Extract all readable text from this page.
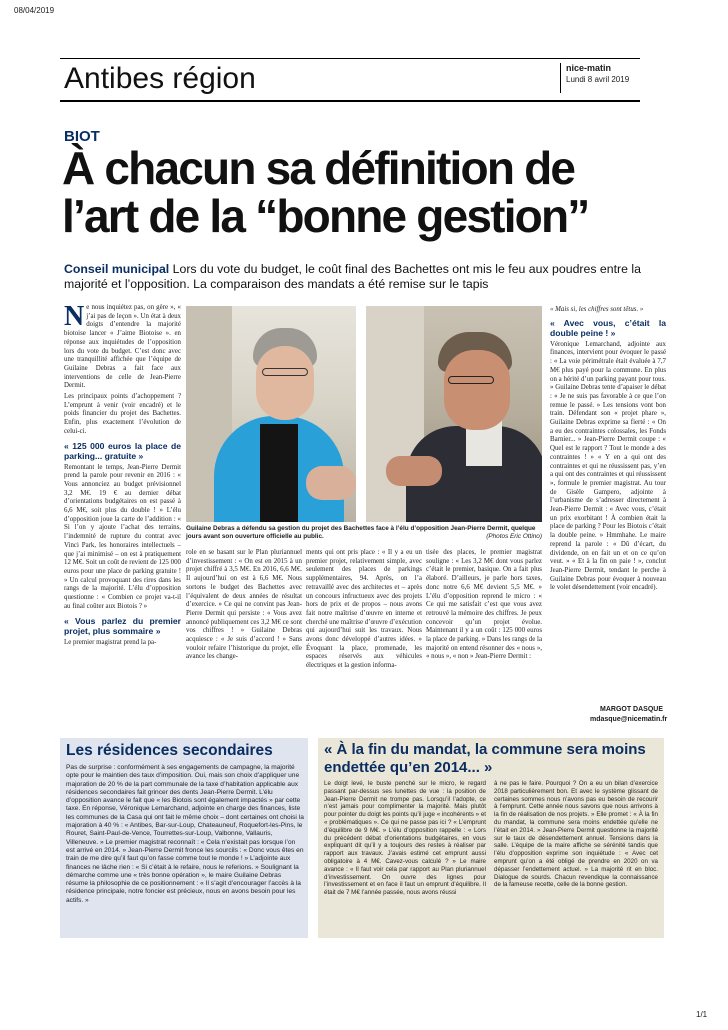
08/04/2019
Antibes région	nice-matin
Lundi 8 avril 2019
BIOT
À chacun sa définition de
l’art de la “bonne gestion”
Conseil municipal Lors du vote du budget, le coût final des Bachettes ont mis le feu aux poudres entre la majorité et l’opposition. La comparaison des mandats a été remise sur le tapis

Ne nous inquiétez pas, on gère », « j’ai pas de leçon ». Un état à deux doigts d’entendre la majorité biotoise lancer « J’aime Biotoise ». en réponse aux inquiétudes de l’opposition lors du vote du budget. C’est donc avec une tranquillité affichée que l’équipe de Guilaine Debras a fait face aux interventions de celle de Jean-Pierre Dermit.

Les principaux points d’achoppement ? L’emprunt à venir (voir encadré) et le poids financier du projet des Bachettes. Enfin, plus exactement l’évolution de celui-ci.

« 125 000 euros la place de parking... gratuite »

Remontant le temps, Jean-Pierre Dermit prend la parole pour revenir en 2016 : « Vous annonciez au budget prévisionnel 3,2 M€. 19 € au dernier débat d’orientations budgétaires on est passé à 6,6 M€, soit plus du double ! » L’élu d’opposition joue la carte de l’addition : « Si l’on y ajoute l’achat des terrains, l’indemnité de rupture du contrat avec Vinci Park, les honoraires intellectuels – que j’ai minimisé – on est à pratiquement 12 M€. Soit un coût de revient de 125 000 euros pour une place de parking gratuite ! » Un calcul provoquant des rires dans les rangs de la majorité. L’élu d’opposition questionne : « Combien ce projet va-t-il au final coûter aux Biotois ? »

« Vous parlez du premier projet, plus sommaire »

Le premier magistrat prend la pa-

Guilaine Debras a défendu sa gestion du projet des Bachettes face à l’élu d’opposition Jean-Pierre Dermit, quelque jours avant son ouverture officielle au public.	(Photos Eric Ottino)
role en se basant sur le Plan pluriannuel d’investissement : « On est en 2015 à un projet chiffré à 3,5 M€. En 2016, 6,6 M€. Il aujourd’hui on est à 6,6 M€. Nous sortons le budget des Bachettes avec l’équivalent de deux années de résultat d’exercice. » Ce qui ne convint pas Jean-Pierre Dermit qui persiste : « Vous avez annoncé publiquement ces 3,2 M€ ce sont vos chiffres ! » Guilaine Debras acquiesce : « Je suis d’accord ! » Sans vouloir refaire l’historique du projet, elle avance les change-
ments qui ont pris place : « Il y a eu un premier projet, relativement simple, avec seulement des places de parkings supplémentaires, 94. Après, on l’a retravaillé avec des architectes et – après un concours infructueux avec des projets hors de prix et de propos – nous avons fait notre maîtrise d’œuvre en interne et cherché une maîtrise d’œuvre d’exécution qui aujourd’hui suit les travaux. Nous avons donc développé d’autres idées. » Évoquant la place, promenade, les espaces réservés aux véhicules électriques et la gestion informa-
tisée des places, le premier magistrat souligne : « Les 3,2 M€ dont vous parlez c’était le premier, basique. On a fait plus élaboré. D’ailleurs, je parle hors taxes, donc notre 6,6 M€ devient 5,5 M€. » L’élu d’opposition reprend le micro : « Ce qui me satisfait c’est que vous avez retrouvé la mémoire des chiffres. Je peux concevoir qu’un projet évolue. Maintenant il y a un coût : 125 000 euros la place de parking. » Dans les rangs de la majorité on entend résonner des « nous », « nous », « non » Jean-Pierre Dermit :

« Mais si, les chiffres sont têtus. »

« Avec vous, c’était la double peine ! »

Véronique Lemarchand, adjointe aux finances, intervient pour évoquer le passé : « La voie périmétrale était évaluée à 7,7 M€ plus payé pour la commune. En plus on a hérité d’un parking payant pour tous. » Guilaine Debras tente d’apaiser le débat : « Je ne suis pas favorable à ce que l’on remue le passé. » Les tensions vont bon train. Défendant son « projet phare », Guilaine Debras exprime sa fierté : « On a eu des contraintes colossales, les Fonds Barnier... » Jean-Pierre Dermit coupe : « Quel est le rapport ? Tout le monde a des contraintes ! » « Y en a qui ont des contraintes et qui ne réussissent pas, y’en a qui ont des contraintes et qui réussissent », formule le premier magistrat. Au tour de Gisèle Gampero, adjointe à l’urbanisme de s’adresser directement à Jean-Pierre Dermit : « Avec vous, c’était un prix exorbitant ! À combien était la place de parking ? Pour les Biotois c’était la double peine. » Hmmhahe. Le maire reprend la parole : « Dû d’écart, du dividende, on en fait un et on ce qu’on veut. » « Et à la fin on paie ! », conclut Jean-Pierre Dermit, tendant le perche à Guilaine Debras pour évoquer à nouveau le volet désendettement (voir encadré).

MARGOT DASQUE
mdasque@nicematin.fr
Les résidences secondaires
Pas de surprise : conformément à ses engagements de campagne, la majorité opte pour le maintien des taux d’imposition. Oui, mais son choix d’appliquer une majoration de 20 % de la part communale de la taxe d’habitation applicable aux résidences secondaires fait grincer des dents Jean-Pierre Dermit. L’élu d’opposition avance le fait que « les Biotois sont également impactés » par cette taxe. En réponse, Véronique Lemarchand, adjointe en charge des finances, liste les communes de la Casa qui ont fait le même choix – dont certaines ont choisi la majoration à 40 % : « Antibes, Bar-sur-Loup, Chateauneuf, Roquefort-les-Pins, le Rouret, Saint-Paul-de-Vence, Tourrettes-sur-Loup, Valbonne, Vallauris, Villeneuve. » Le premier magistrat reconnaît : « Cela n’existait pas lorsque l’on est arrivé en 2014. » Jean-Pierre Dermit fronce les sourcils : « Donc vous êtes en train de me dire qu’il faut qu’on fasse comme tout le monde ! » L’adjointe aux finances ne lâche rien : « Si c’était à le refaire, nous le referions. » Soulignant la démarche comme une « très bonne opération », le maire Guilaine Debras résume la philosophie de ce positionnement : « Il s’agit d’encourager l’accès à la résidence principale, notre foncier est précieux, nous en avons besoin pour les actifs. »
« À la fin du mandat, la commune sera moins endettée qu’en 2014... »
Le doigt levé, le buste penché sur le micro, le regard passant par-dessus ses lunettes de vue : la position de Jean-Pierre Dermit ne trompe pas. Lorsqu’il l’adopte, ce n’est jamais pour complimenter la majorité. Mais plutôt pour pointer du doigt les points qu’il juge « incohérents » et « problématiques ». Ce qui ne passe pas ici ? « L’emprunt d’équilibre de 9 M€. » L’élu d’opposition rappelle : « Lors du précédent débat d’orientations budgétaires, en vous expliquant dit qu’il y a toujours des restes à réaliser par rapport aux travaux. J’avais estimé cet emprunt aussi obligatoire à 4 M€. Cavez-vous calculé ? » Le maire avance : « Il faut voir cela par rapport au Plan pluriannuel d’investissement. On ouvre des lignes pour l’investissement et en face il faut un emprunt d’équilibre. Il était de 7 M€ l’année passée, nous avons réussi
à ne pas le faire. Pourquoi ? On a eu un bilan d’exercice 2018 particulièrement bon. Et avec le système glissant de certaines sommes nous n’avons pas eu besoin de recourir à l’emprunt. Cette année nous savons que nous arrivons à la fin de réalisation de nos projets. » Elle promet : « À la fin du mandat, la commune sera moins endettée qu’elle ne l’était en 2014. » Jean-Pierre Dermit questionne la majorité sur le taux de désendettement annuel. Tensions dans la salle. L’équipe de la maire affiche se sérénité tandis que l’élu d’opposition exprime son inquiétude : « Avec cet emprunt qu’on a été obligé de prendre en 2020 on va dépasser l’endettement actuel. » La majorité rit en bloc. Dialogue de sourds. Chacun revendique la connaissance de la fameuse recette, celle de la bonne gestion.
1/1
